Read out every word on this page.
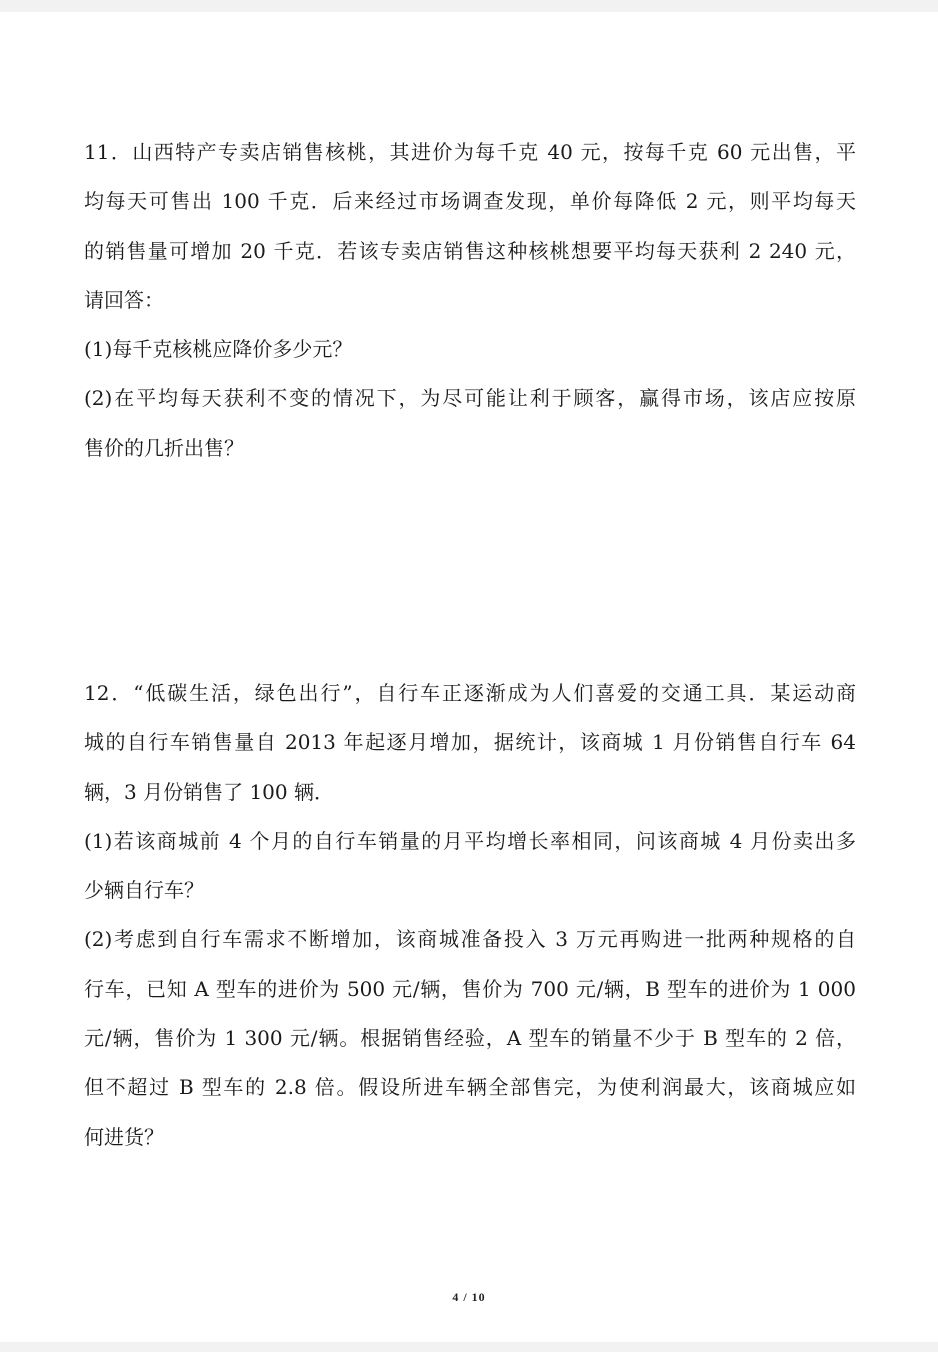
11．山西特产专卖店销售核桃，其进价为每千克 40 元，按每千克 60 元出售，平
均每天可售出 100 千克．后来经过市场调查发现，单价每降低 2 元，则平均每天
的销售量可增加 20 千克．若该专卖店销售这种核桃想要平均每天获利 2 240 元，
请回答：
(1)每千克核桃应降价多少元？
(2)在平均每天获利不变的情况下，为尽可能让利于顾客，赢得市场，该店应按原
售价的几折出售？
12．“低碳生活，绿色出行”，自行车正逐渐成为人们喜爱的交通工具．某运动商
城的自行车销售量自 2013 年起逐月增加，据统计，该商城 1 月份销售自行车 64
辆，3 月份销售了 100 辆．
(1)若该商城前 4 个月的自行车销量的月平均增长率相同，问该商城 4 月份卖出多
少辆自行车？
(2)考虑到自行车需求不断增加，该商城准备投入 3 万元再购进一批两种规格的自
行车，已知 A 型车的进价为 500 元/辆，售价为 700 元/辆，B 型车的进价为 1 000
元/辆，售价为 1 300 元/辆。根据销售经验，A 型车的销量不少于 B 型车的 2 倍，
但不超过 B 型车的 2.8 倍。假设所进车辆全部售完，为使利润最大，该商城应如
何进货？
4 / 10
